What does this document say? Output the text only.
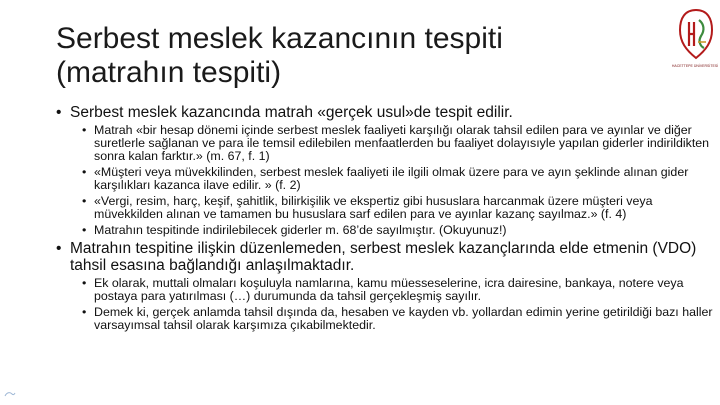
Serbest meslek kazancının tespiti
(matrahın tespiti)	HACETTEPE ÜNİVERSİTESİ
• Serbest meslek kazancında matrah «gerçek usul»de tespit edilir.
• Matrah «bir hesap dönemi içinde serbest meslek faaliyeti karşılığı olarak tahsil edilen para ve ayınlar ve diğer suretlerle sağlanan ve para ile temsil edilebilen menfaatlerden bu faaliyet dolayısıyle yapılan giderler indirildikten sonra kalan farktır.» (m. 67, f. 1)
• «Müşteri veya müvekkilinden, serbest meslek faaliyeti ile ilgili olmak üzere para ve ayın şeklinde alınan gider karşılıkları kazanca ilave edilir. » (f. 2)
• «Vergi, resim, harç, keşif, şahitlik, bilirkişilik ve ekspertiz gibi hususlara harcanmak üzere müşteri veya müvekkilden alınan ve tamamen bu hususlara sarf edilen para ve ayınlar kazanç sayılmaz.» (f. 4)
• Matrahın tespitinde indirilebilecek giderler m. 68’de sayılmıştır. (Okuyunuz!)
• Matrahın tespitine ilişkin düzenlemeden, serbest meslek kazançlarında elde etmenin (VDO) tahsil esasına bağlandığı anlaşılmaktadır.
• Ek olarak, muttali olmaları koşuluyla namlarına, kamu müesseselerine, icra dairesine, bankaya, notere veya postaya para yatırılması (…) durumunda da tahsil gerçekleşmiş sayılır.
• Demek ki, gerçek anlamda tahsil dışında da, hesaben ve kayden vb. yollardan edimin yerine getirildiği bazı haller varsayımsal tahsil olarak karşımıza çıkabilmektedir.
